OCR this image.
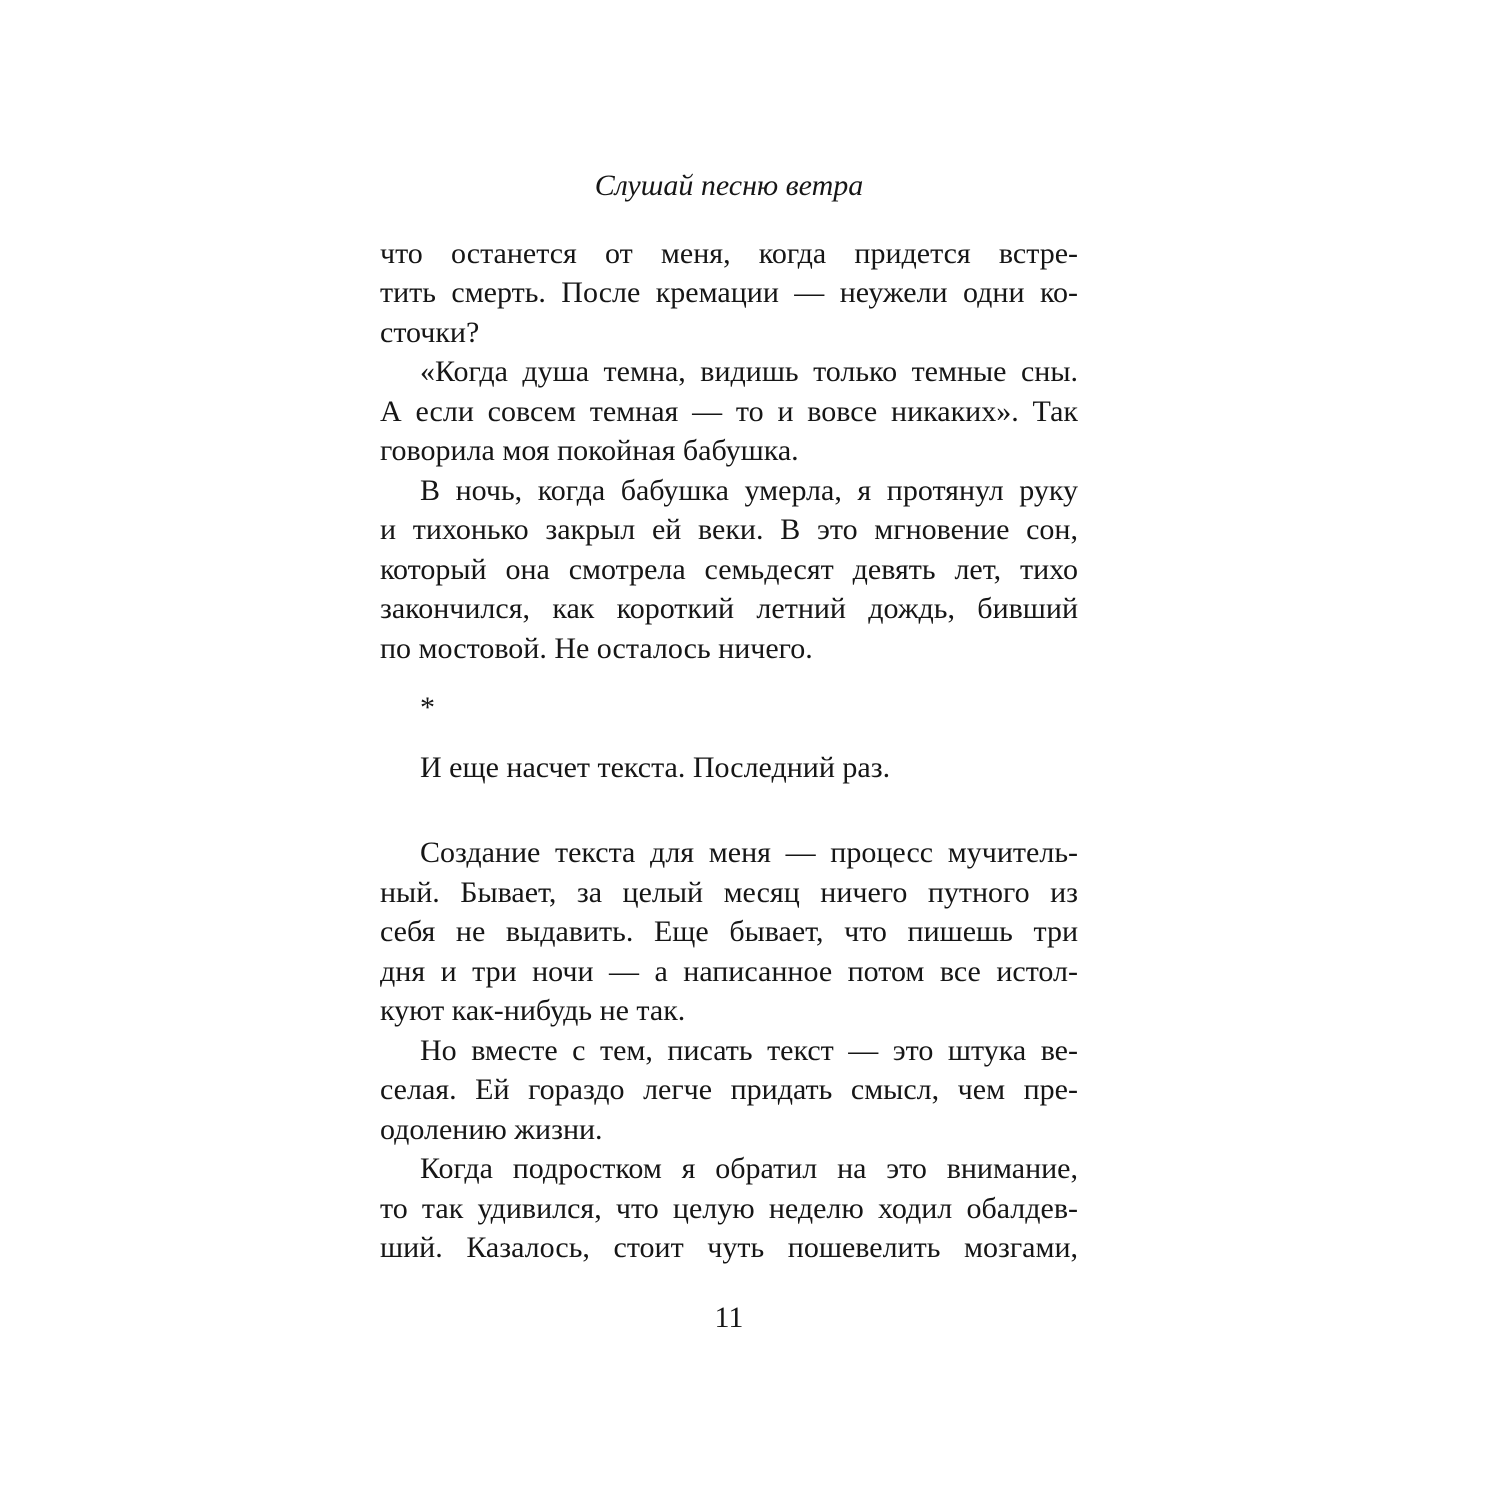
Слушай песню ветра
что останется от меня, когда придется встре-
тить смерть. После кремации — неужели одни ко-
сточки?
«Когда душа темна, видишь только темные сны.
А если совсем темная — то и вовсе никаких». Так
говорила моя покойная бабушка.
В ночь, когда бабушка умерла, я протянул руку
и тихонько закрыл ей веки. В это мгновение сон,
который она смотрела семьдесят девять лет, тихо
закончился, как короткий летний дождь, бивший
по мостовой. Не осталось ничего.
*
И еще насчет текста. Последний раз.
Создание текста для меня — процесс мучитель-
ный. Бывает, за целый месяц ничего путного из
себя не выдавить. Еще бывает, что пишешь три
дня и три ночи — а написанное потом все истол-
куют как-нибудь не так.
Но вместе с тем, писать текст — это штука ве-
селая. Ей гораздо легче придать смысл, чем пре-
одолению жизни.
Когда подростком я обратил на это внимание,
то так удивился, что целую неделю ходил обалдев-
ший. Казалось, стоит чуть пошевелить мозгами,
11
